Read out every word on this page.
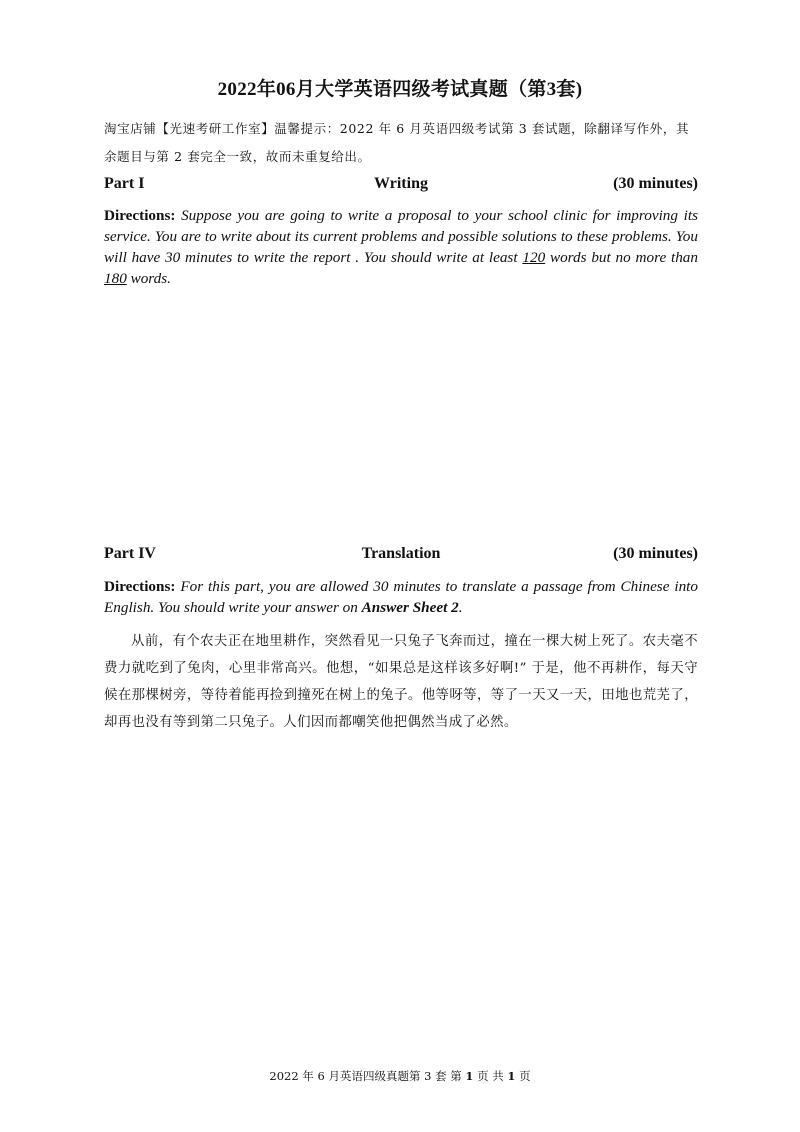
2022年06月大学英语四级考试真题（第3套)
淘宝店铺【光速考研工作室】温馨提示：2022 年 6 月英语四级考试第 3 套试题，除翻译写作外，其余题目与第 2 套完全一致，故而未重复给出。
Part I	Writing	(30 minutes)
Directions: Suppose you are going to write a proposal to your school clinic for improving its service. You are to write about its current problems and possible solutions to these problems. You will have 30 minutes to write the report . You should write at least 120 words but no more than 180 words.
Part IV	Translation	(30 minutes)
Directions: For this part, you are allowed 30 minutes to translate a passage from Chinese into English. You should write your answer on Answer Sheet 2.
从前，有个农夫正在地里耕作，突然看见一只兔子飞奔而过，撞在一棵大树上死了。农夫毫不费力就吃到了兔肉，心里非常高兴。他想，“如果总是这样该多好啊!” 于是，他不再耕作，每天守候在那棵树旁，等待着能再捡到撞死在树上的兔子。他等呀等，等了一天又一天，田地也荒芜了，却再也没有等到第二只兔子。人们因而都嘲笑他把偶然当成了必然。
2022 年 6 月英语四级真题第 3 套 第 1 页 共 1 页
